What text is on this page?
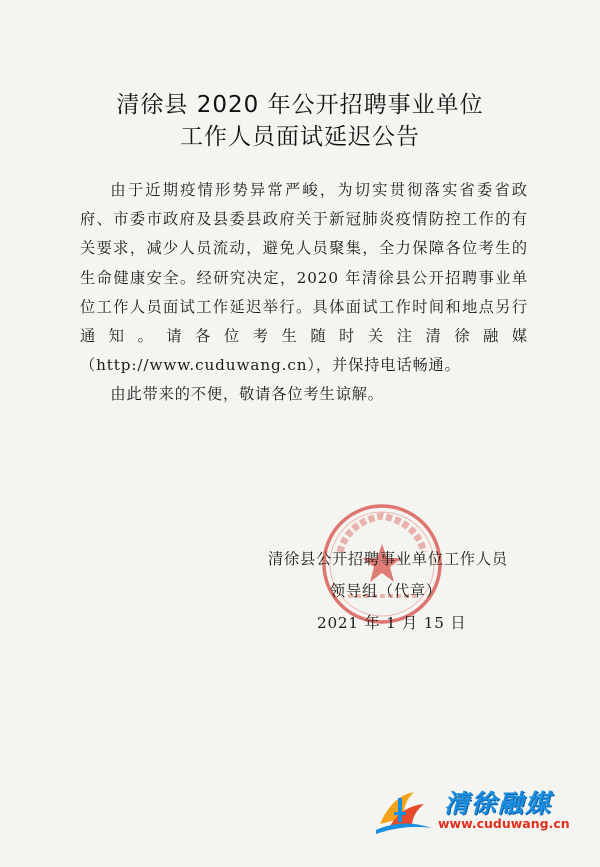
清徐县 2020 年公开招聘事业单位
工作人员面试延迟公告

由于近期疫情形势异常严峻，为切实贯彻落实省委省政府、市委市政府及县委县政府关于新冠肺炎疫情防控工作的有关要求，减少人员流动，避免人员聚集，全力保障各位考生的生命健康安全。经研究决定，2020 年清徐县公开招聘事业单位工作人员面试工作延迟举行。具体面试工作时间和地点另行通知。请各位考生随时关注清徐融媒（http://www.cuduwang.cn），并保持电话畅通。

由此带来的不便，敬请各位考生谅解。

清徐县公开招聘事业单位工作人员
领导组（代章）
2021 年 1 月 15 日
清徐融媒
www.cuduwang.cn
